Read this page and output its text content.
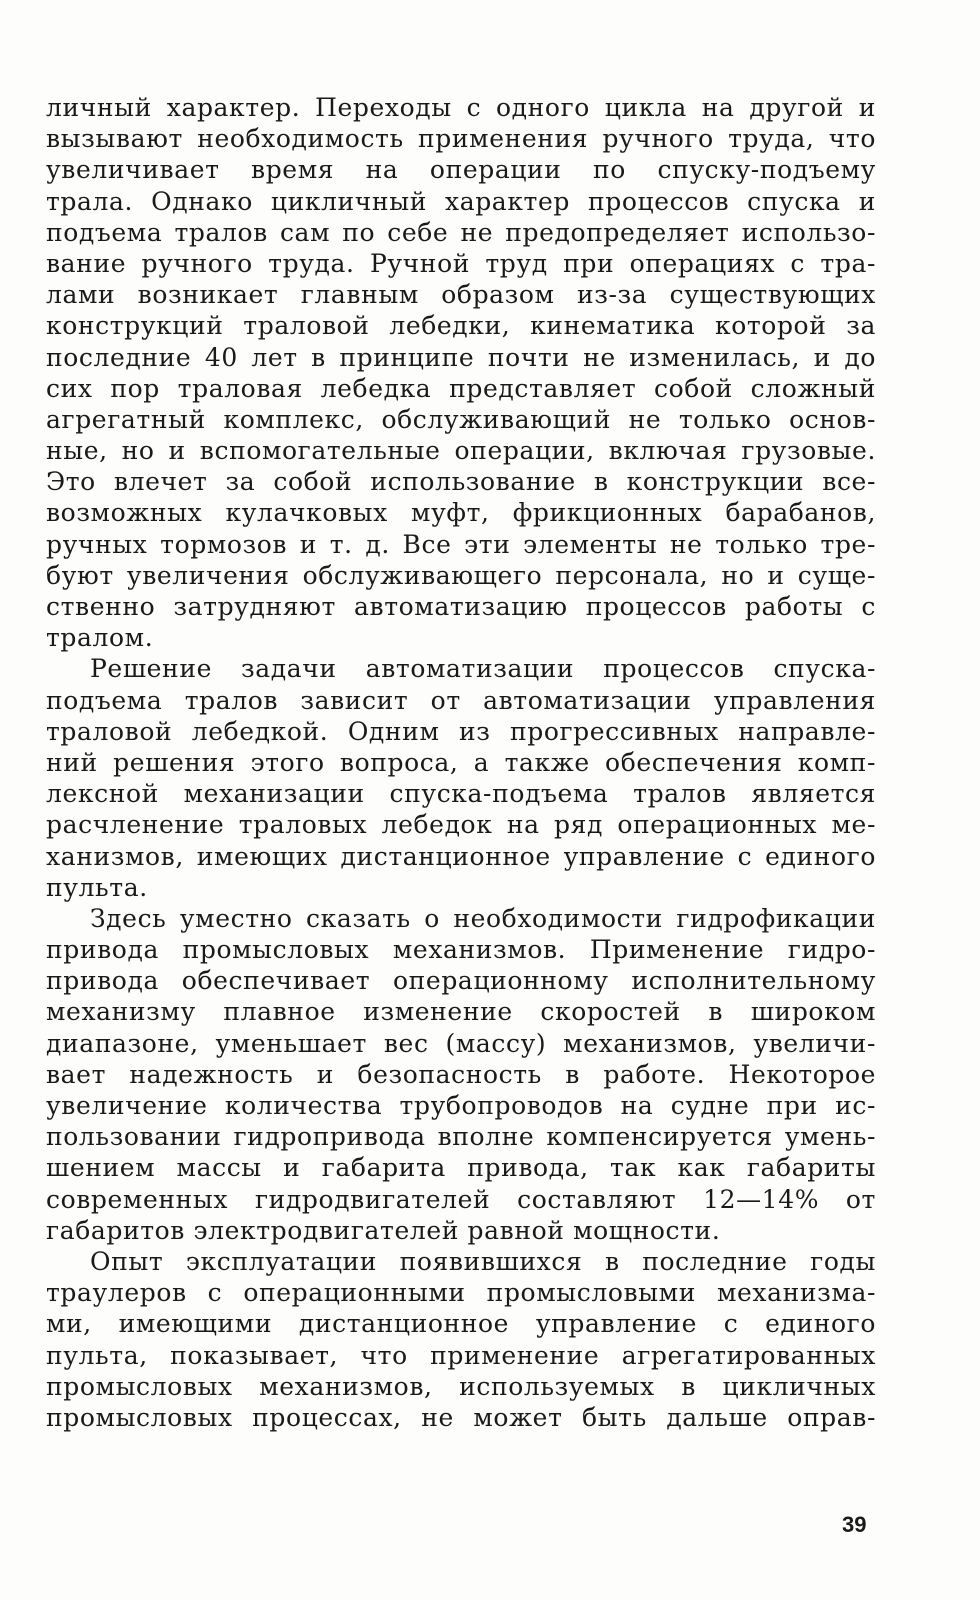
личный характер. Переходы с одного цикла на другой и
вызывают необходимость применения ручного труда, что
увеличивает время на операции по спуску-подъему
трала. Однако цикличный характер процессов спуска и
подъема тралов сам по себе не предопределяет использо-
вание ручного труда. Ручной труд при операциях с тра-
лами возникает главным образом из-за существующих
конструкций траловой лебедки, кинематика которой за
последние 40 лет в принципе почти не изменилась, и до
сих пор траловая лебедка представляет собой сложный
агрегатный комплекс, обслуживающий не только основ-
ные, но и вспомогательные операции, включая грузовые.
Это влечет за собой использование в конструкции все-
возможных кулачковых муфт, фрикционных барабанов,
ручных тормозов и т. д. Все эти элементы не только тре-
буют увеличения обслуживающего персонала, но и суще-
ственно затрудняют автоматизацию процессов работы с
тралом.
Решение задачи автоматизации процессов спуска-
подъема тралов зависит от автоматизации управления
траловой лебедкой. Одним из прогрессивных направле-
ний решения этого вопроса, а также обеспечения комп-
лексной механизации спуска-подъема тралов является
расчленение траловых лебедок на ряд операционных ме-
ханизмов, имеющих дистанционное управление с единого
пульта.
Здесь уместно сказать о необходимости гидрофикации
привода промысловых механизмов. Применение гидро-
привода обеспечивает операционному исполнительному
механизму плавное изменение скоростей в широком
диапазоне, уменьшает вес (массу) механизмов, увеличи-
вает надежность и безопасность в работе. Некоторое
увеличение количества трубопроводов на судне при ис-
пользовании гидропривода вполне компенсируется умень-
шением массы и габарита привода, так как габариты
современных гидродвигателей составляют 12—14% от
габаритов электродвигателей равной мощности.
Опыт эксплуатации появившихся в последние годы
траулеров с операционными промысловыми механизма-
ми, имеющими дистанционное управление с единого
пульта, показывает, что применение агрегатированных
промысловых механизмов, используемых в цикличных
промысловых процессах, не может быть дальше оправ-
39
